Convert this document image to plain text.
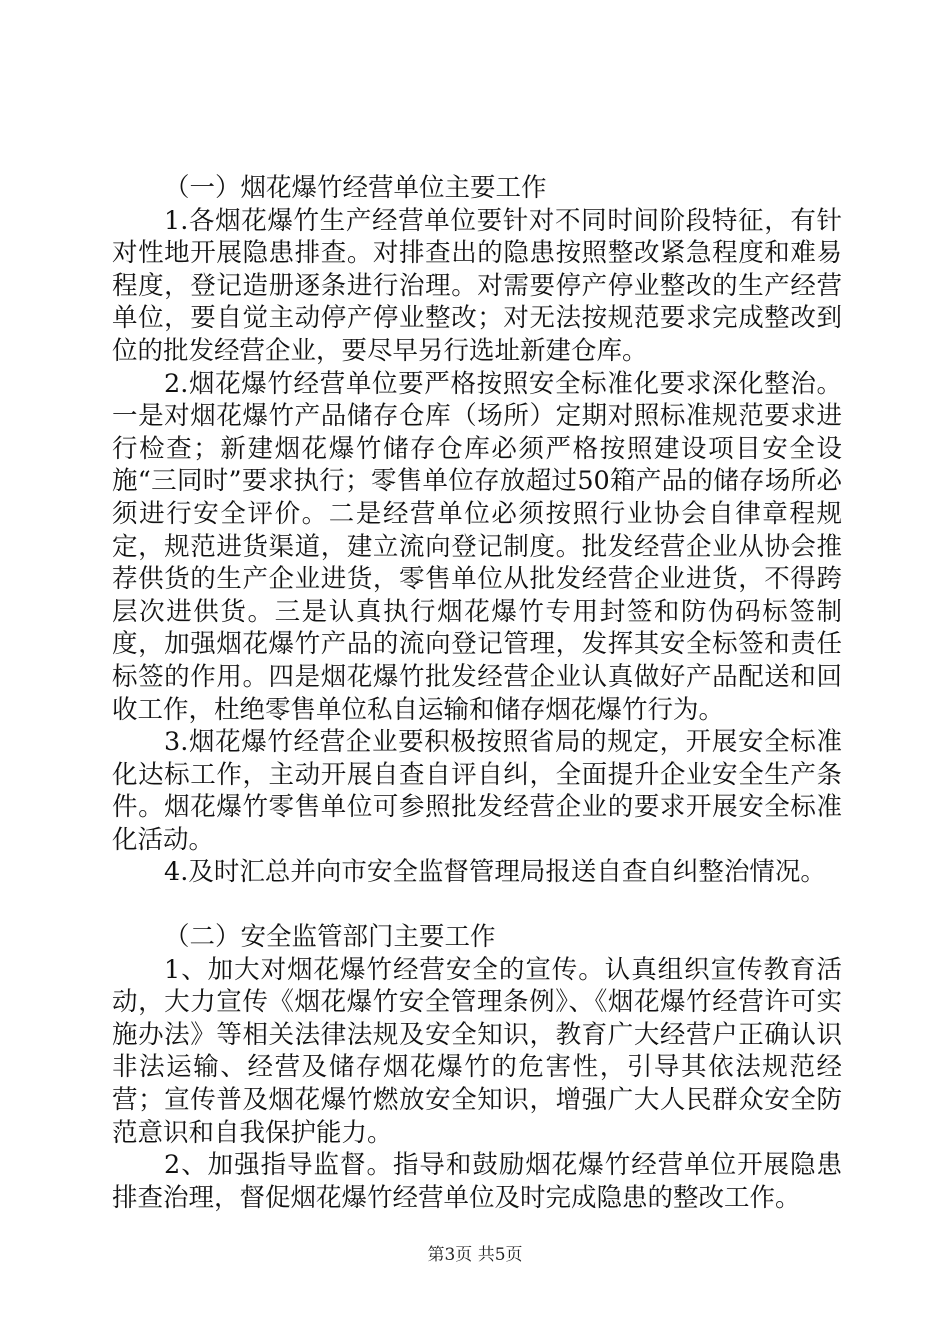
（一）烟花爆竹经营单位主要工作

1.各烟花爆竹生产经营单位要针对不同时间阶段特征，有针对性地开展隐患排查。对排查出的隐患按照整改紧急程度和难易程度，登记造册逐条进行治理。对需要停产停业整改的生产经营单位，要自觉主动停产停业整改；对无法按规范要求完成整改到位的批发经营企业，要尽早另行选址新建仓库。

2.烟花爆竹经营单位要严格按照安全标准化要求深化整治。一是对烟花爆竹产品储存仓库（场所）定期对照标准规范要求进行检查；新建烟花爆竹储存仓库必须严格按照建设项目安全设施“三同时”要求执行；零售单位存放超过50箱产品的储存场所必须进行安全评价。二是经营单位必须按照行业协会自律章程规定，规范进货渠道，建立流向登记制度。批发经营企业从协会推荐供货的生产企业进货，零售单位从批发经营企业进货，不得跨层次进供货。三是认真执行烟花爆竹专用封签和防伪码标签制度，加强烟花爆竹产品的流向登记管理，发挥其安全标签和责任标签的作用。四是烟花爆竹批发经营企业认真做好产品配送和回收工作，杜绝零售单位私自运输和储存烟花爆竹行为。

3.烟花爆竹经营企业要积极按照省局的规定，开展安全标准化达标工作，主动开展自查自评自纠，全面提升企业安全生产条件。烟花爆竹零售单位可参照批发经营企业的要求开展安全标准化活动。

4.及时汇总并向市安全监督管理局报送自查自纠整治情况。

（二）安全监管部门主要工作

1、加大对烟花爆竹经营安全的宣传。认真组织宣传教育活动，大力宣传《烟花爆竹安全管理条例》、《烟花爆竹经营许可实施办法》等相关法律法规及安全知识，教育广大经营户正确认识非法运输、经营及储存烟花爆竹的危害性，引导其依法规范经营；宣传普及烟花爆竹燃放安全知识，增强广大人民群众安全防范意识和自我保护能力。

2、加强指导监督。指导和鼓励烟花爆竹经营单位开展隐患排查治理，督促烟花爆竹经营单位及时完成隐患的整改工作。

第3页 共5页
